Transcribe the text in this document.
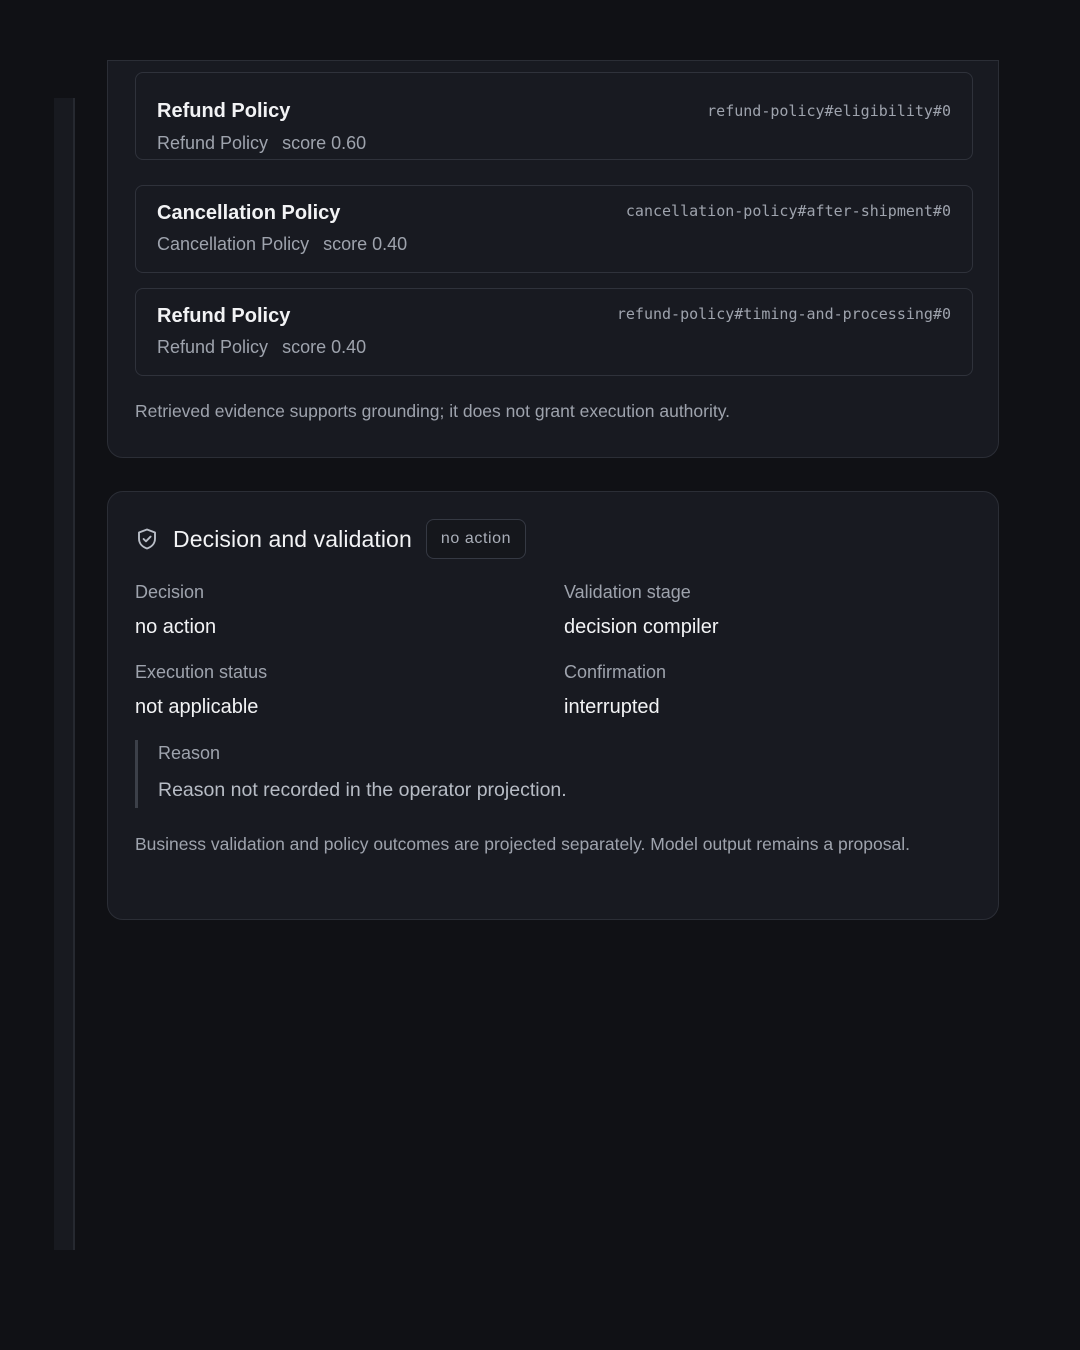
Refund Policy
Refund Policy score 0.60
refund-policy#eligibility#0
Cancellation Policy
Cancellation Policy score 0.40
cancellation-policy#after-shipment#0
Refund Policy
Refund Policy score 0.40
refund-policy#timing-and-processing#0

Retrieved evidence supports grounding; it does not grant execution authority.

Decision and validation	no action
Decision
no action
Validation stage
decision compiler
Execution status
not applicable
Confirmation
interrupted
Reason
Reason not recorded in the operator projection.

Business validation and policy outcomes are projected separately. Model output remains a proposal.
